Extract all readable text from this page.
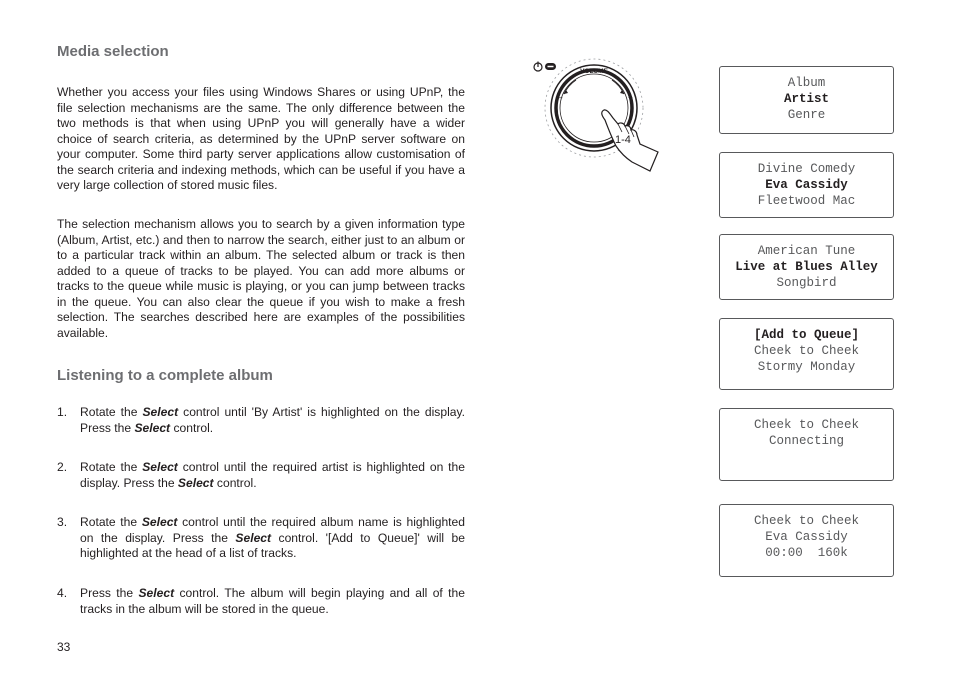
Media selection

Whether you access your files using Windows Shares or using UPnP, the file selection mechanisms are the same. The only difference between the two methods is that when using UPnP you will generally have a wider choice of search criteria, as determined by the UPnP server software on your computer. Some third party server applications allow customisation of the search criteria and indexing methods, which can be useful if you have a very large collection of stored music files.

The selection mechanism allows you to search by a given information type (Album, Artist, etc.) and then to narrow the search, either just to an album or to a particular track within an album. The selected album or track is then added to a queue of tracks to be played. You can add more albums or tracks to the queue while music is playing, or you can jump between tracks in the queue. You can also clear the queue if you wish to make a fresh selection. The searches described here are examples of the possibilities available.

Listening to a complete album
1. Rotate the Select control until 'By Artist' is highlighted on the display. Press the Select control.
2. Rotate the Select control until the required artist is highlighted on the display. Press the Select control.
3. Rotate the Select control until the required album name is highlighted on the display. Press the Select control. '[Add to Queue]' will be highlighted at the head of a list of tracks.
4. Press the Select control. The album will begin playing and all of the tracks in the album will be stored in the queue.
33
VOLUME
–	+
1-4
Album
Artist
Genre
Divine Comedy
Eva Cassidy
Fleetwood Mac
American Tune
Live at Blues Alley
Songbird
[Add to Queue]
Cheek to Cheek
Stormy Monday
Cheek to Cheek
Connecting
Cheek to Cheek
Eva Cassidy
00:00  160k
